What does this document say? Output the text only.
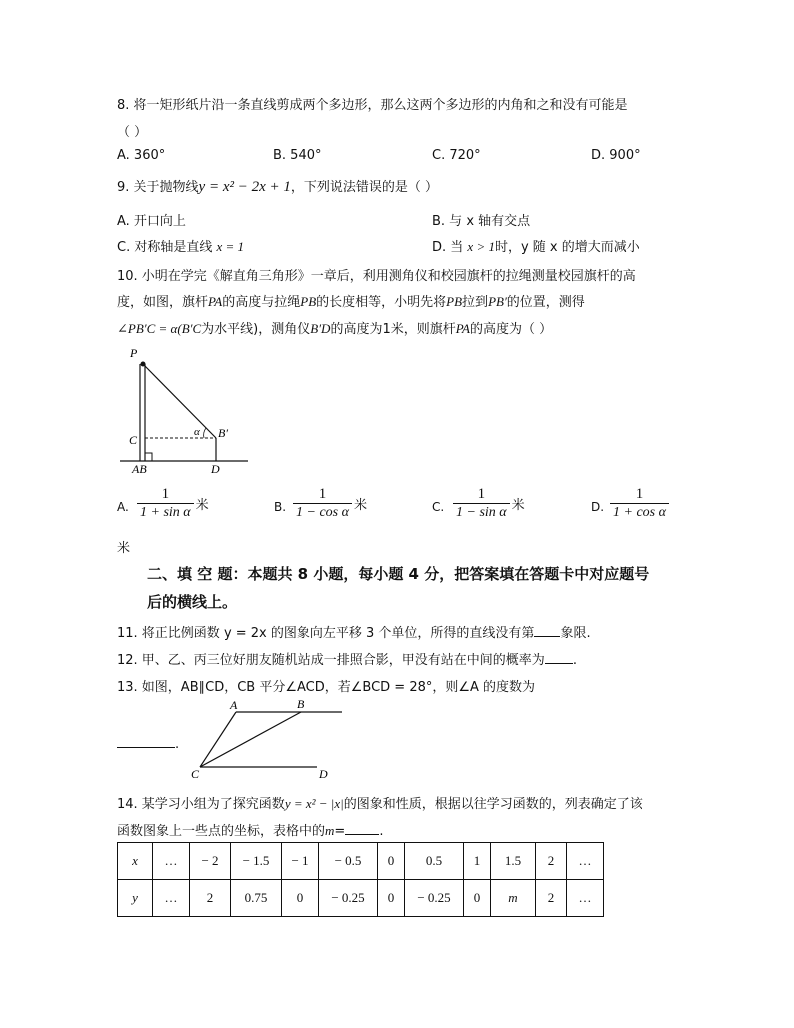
8. 将一矩形纸片沿一条直线剪成两个多边形，那么这两个多边形的内角和之和没有可能是
（ ）
A. 360°	B. 540°	C. 720°	D. 900°
9. 关于抛物线y = x² − 2x + 1，下列说法错误的是（ ）
A. 开口向上	B. 与 x 轴有交点
C. 对称轴是直线 x = 1	D. 当 x > 1时，y 随 x 的增大而减小
10. 小明在学完《解直角三角形》一章后，利用测角仪和校园旗杆的拉绳测量校园旗杆的高
度，如图，旗杆PA的高度与拉绳PB的长度相等，小明先将PB拉到PB′的位置，测得
∠PB′C = α(B′C为水平线)，测角仪B′D的高度为1米，则旗杆PA的高度为（ ）
P
C
AB	D
B′
α
A. $\frac{1}{\text{1 + sin α}}$ 米	B. $\frac{1}{\text{1 − cos α}}$ 米	C. $\frac{1}{\text{1 − sin α}}$ 米	D. $\frac{1}{\text{1 + cos α}}$
米
二、填 空 题：本题共 8 小题，每小题 4 分，把答案填在答题卡中对应题号
后的横线上。
11. 将正比例函数 y = 2x 的图象向左平移 3 个单位，所得的直线没有第 象限.
12. 甲、乙、丙三位好朋友随机站成一排照合影，甲没有站在中间的概率为 .
13. 如图，AB∥CD，CB 平分∠ACD，若∠BCD = 28°，则∠A 的度数为
.
A	B
C	D
14. 某学习小组为了探究函数y = x² − |x|的图象和性质，根据以往学习函数的，列表确定了该
函数图象上一些点的坐标，表格中的m=	.
x	…	− 2	− 1.5	− 1	− 0.5	0	0.5	1	1.5	2	…
y	…	2	0.75	0	− 0.25	0	− 0.25	0	m	2	…
